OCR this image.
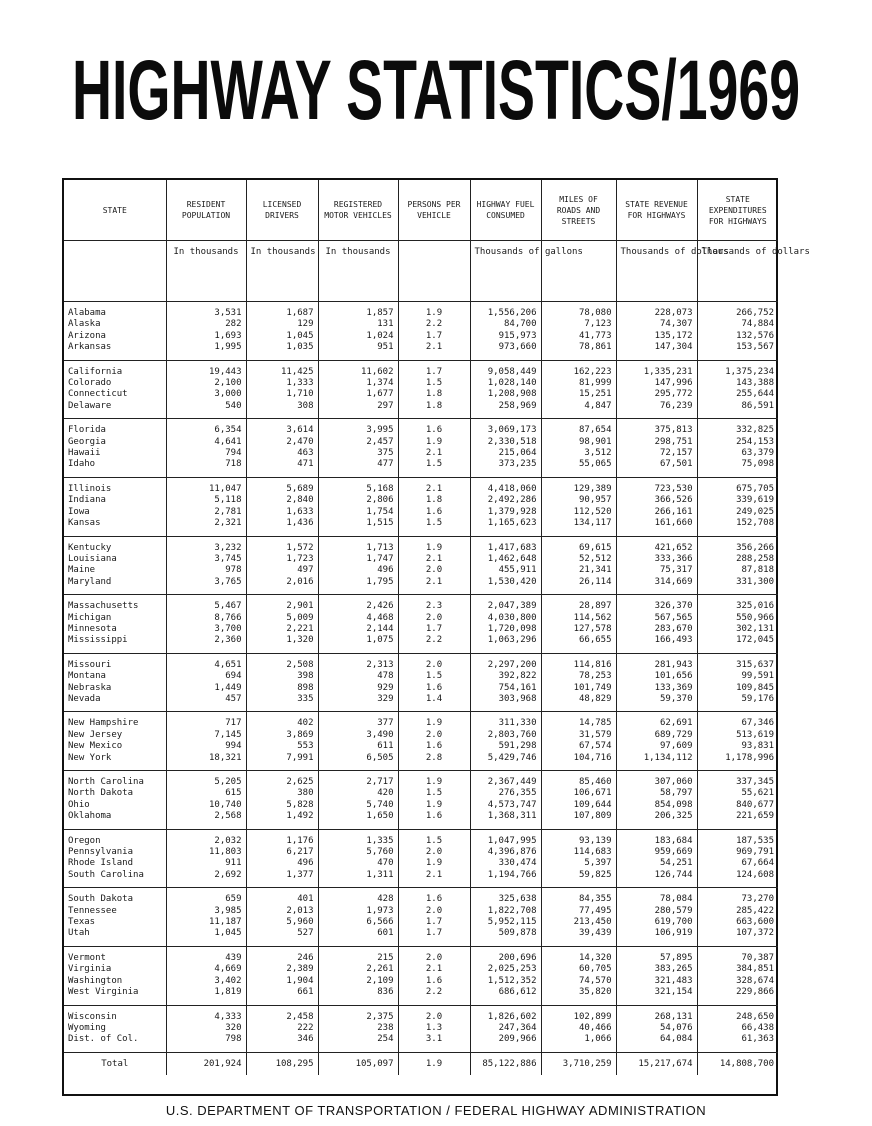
HIGHWAY STATISTICS/1969
STATE	RESIDENT POPULATION	LICENSED DRIVERS	REGISTERED MOTOR VEHICLES	PERSONS PER VEHICLE	HIGHWAY FUEL CONSUMED	MILES OF ROADS AND STREETS	STATE REVENUE FOR HIGHWAYS	STATE EXPENDITURES FOR HIGHWAYS
	In thousands	In thousands	In thousands		Thousands of gallons		Thousands of dollars	Thousands of dollars
Alabama	3,531	1,687	1,857	1.9	1,556,206	78,080	228,073	266,752
Alaska	282	129	131	2.2	84,700	7,123	74,307	74,884
Arizona	1,693	1,045	1,024	1.7	915,973	41,773	135,172	132,576
Arkansas	1,995	1,035	951	2.1	973,660	78,861	147,304	153,567
California	19,443	11,425	11,602	1.7	9,058,449	162,223	1,335,231	1,375,234
Colorado	2,100	1,333	1,374	1.5	1,028,140	81,999	147,996	143,388
Connecticut	3,000	1,710	1,677	1.8	1,208,908	15,251	295,772	255,644
Delaware	540	308	297	1.8	258,969	4,847	76,239	86,591
Florida	6,354	3,614	3,995	1.6	3,069,173	87,654	375,813	332,825
Georgia	4,641	2,470	2,457	1.9	2,330,518	98,901	298,751	254,153
Hawaii	794	463	375	2.1	215,064	3,512	72,157	63,379
Idaho	718	471	477	1.5	373,235	55,065	67,501	75,098
Illinois	11,047	5,689	5,168	2.1	4,418,060	129,389	723,530	675,705
Indiana	5,118	2,840	2,806	1.8	2,492,286	90,957	366,526	339,619
Iowa	2,781	1,633	1,754	1.6	1,379,928	112,520	266,161	249,025
Kansas	2,321	1,436	1,515	1.5	1,165,623	134,117	161,660	152,708
Kentucky	3,232	1,572	1,713	1.9	1,417,683	69,615	421,652	356,266
Louisiana	3,745	1,723	1,747	2.1	1,462,648	52,512	333,366	288,258
Maine	978	497	496	2.0	455,911	21,341	75,317	87,818
Maryland	3,765	2,016	1,795	2.1	1,530,420	26,114	314,669	331,300
Massachusetts	5,467	2,901	2,426	2.3	2,047,389	28,897	326,370	325,016
Michigan	8,766	5,009	4,468	2.0	4,030,800	114,562	567,565	550,966
Minnesota	3,700	2,221	2,144	1.7	1,720,098	127,578	283,670	302,131
Mississippi	2,360	1,320	1,075	2.2	1,063,296	66,655	166,493	172,045
Missouri	4,651	2,508	2,313	2.0	2,297,200	114,816	281,943	315,637
Montana	694	398	478	1.5	392,822	78,253	101,656	99,591
Nebraska	1,449	898	929	1.6	754,161	101,749	133,369	109,845
Nevada	457	335	329	1.4	303,968	48,829	59,370	59,176
New Hampshire	717	402	377	1.9	311,330	14,785	62,691	67,346
New Jersey	7,145	3,869	3,490	2.0	2,803,760	31,579	689,729	513,619
New Mexico	994	553	611	1.6	591,298	67,574	97,609	93,831
New York	18,321	7,991	6,505	2.8	5,429,746	104,716	1,134,112	1,178,996
North Carolina	5,205	2,625	2,717	1.9	2,367,449	85,460	307,060	337,345
North Dakota	615	380	420	1.5	276,355	106,671	58,797	55,621
Ohio	10,740	5,828	5,740	1.9	4,573,747	109,644	854,098	840,677
Oklahoma	2,568	1,492	1,650	1.6	1,368,311	107,809	206,325	221,659
Oregon	2,032	1,176	1,335	1.5	1,047,995	93,139	183,684	187,535
Pennsylvania	11,803	6,217	5,760	2.0	4,396,876	114,683	959,669	969,791
Rhode Island	911	496	470	1.9	330,474	5,397	54,251	67,664
South Carolina	2,692	1,377	1,311	2.1	1,194,766	59,825	126,744	124,608
South Dakota	659	401	428	1.6	325,638	84,355	78,084	73,270
Tennessee	3,985	2,013	1,973	2.0	1,822,708	77,495	280,579	285,422
Texas	11,187	5,960	6,566	1.7	5,952,115	213,450	619,700	663,600
Utah	1,045	527	601	1.7	509,878	39,439	106,919	107,372
Vermont	439	246	215	2.0	200,696	14,320	57,895	70,387
Virginia	4,669	2,389	2,261	2.1	2,025,253	60,705	383,265	384,851
Washington	3,402	1,904	2,109	1.6	1,512,352	74,570	321,483	328,674
West Virginia	1,819	661	836	2.2	686,612	35,820	321,154	229,866
Wisconsin	4,333	2,458	2,375	2.0	1,826,602	102,899	268,131	248,650
Wyoming	320	222	238	1.3	247,364	40,466	54,076	66,438
Dist. of Col.	798	346	254	3.1	209,966	1,066	64,084	61,363
Total	201,924	108,295	105,097	1.9	85,122,886	3,710,259	15,217,674	14,808,700
U.S. DEPARTMENT OF TRANSPORTATION / FEDERAL HIGHWAY ADMINISTRATION
